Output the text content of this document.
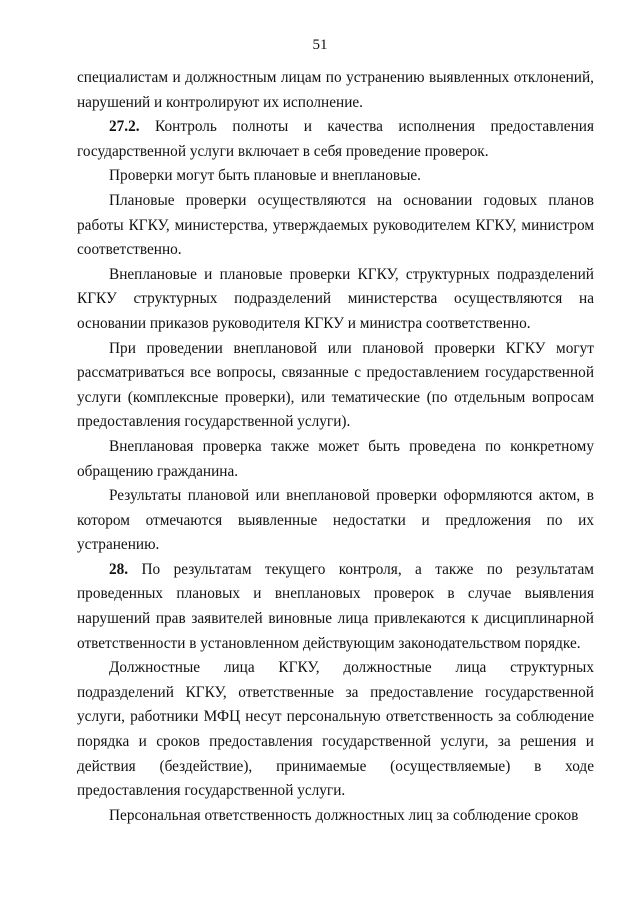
51

специалистам и должностным лицам по устранению выявленных отклонений, нарушений и контролируют их исполнение.

27.2. Контроль полноты и качества исполнения предоставления государственной услуги включает в себя проведение проверок.

Проверки могут быть плановые и внеплановые.

Плановые проверки осуществляются на основании годовых планов работы КГКУ, министерства, утверждаемых руководителем КГКУ, министром соответственно.

Внеплановые и плановые проверки КГКУ, структурных подразделений КГКУ структурных подразделений министерства осуществляются на основании приказов руководителя КГКУ и министра соответственно.

При проведении внеплановой или плановой проверки КГКУ могут рассматриваться все вопросы, связанные с предоставлением государственной услуги (комплексные проверки), или тематические (по отдельным вопросам предоставления государственной услуги).

Внеплановая проверка также может быть проведена по конкретному обращению гражданина.

Результаты плановой или внеплановой проверки оформляются актом, в котором отмечаются выявленные недостатки и предложения по их устранению.

28. По результатам текущего контроля, а также по результатам проведенных плановых и внеплановых проверок в случае выявления нарушений прав заявителей виновные лица привлекаются к дисциплинарной ответственности в установленном действующим законодательством порядке.

Должностные лица КГКУ, должностные лица структурных подразделений КГКУ, ответственные за предоставление государственной услуги, работники МФЦ несут персональную ответственность за соблюдение порядка и сроков предоставления государственной услуги, за решения и действия (бездействие), принимаемые (осуществляемые) в ходе предоставления государственной услуги.

Персональная ответственность должностных лиц за соблюдение сроков
